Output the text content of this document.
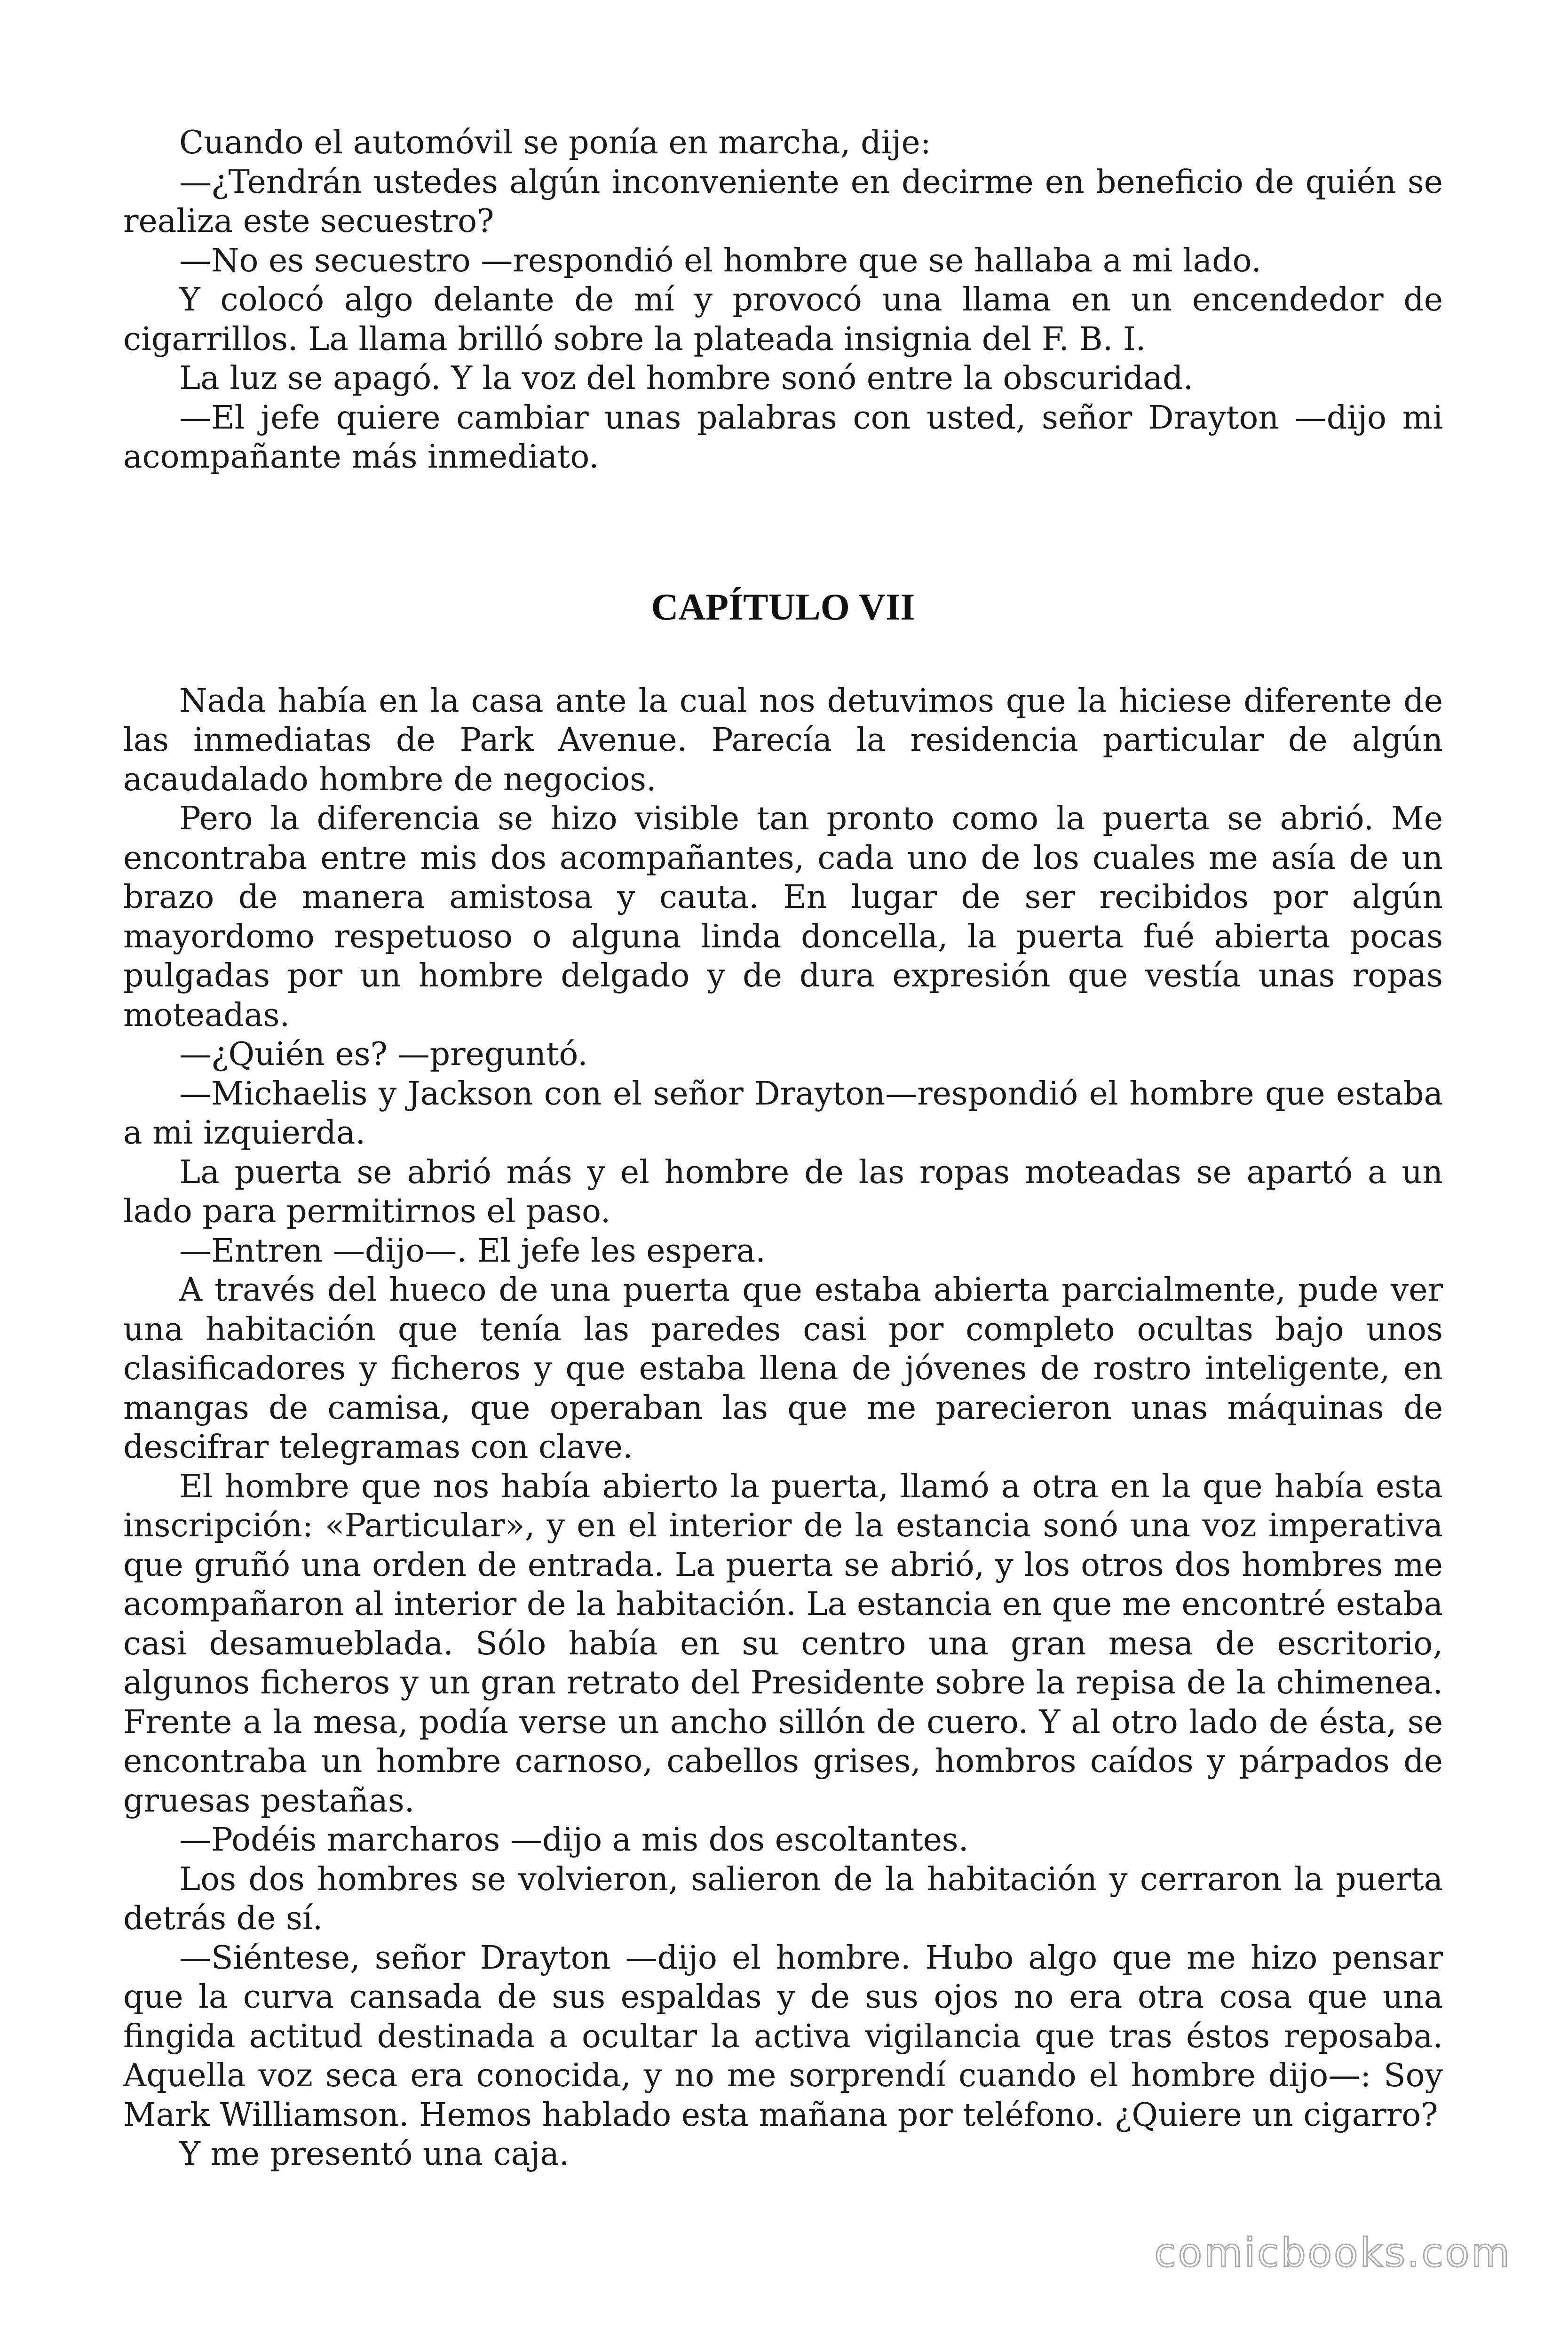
Cuando el automóvil se ponía en marcha, dije:

—¿Tendrán ustedes algún inconveniente en decirme en beneficio de quién se realiza este secuestro?

—No es secuestro —respondió el hombre que se hallaba a mi lado.

Y colocó algo delante de mí y provocó una llama en un encendedor de cigarrillos. La llama brilló sobre la plateada insignia del F. B. I.

La luz se apagó. Y la voz del hombre sonó entre la obscuridad.

—El jefe quiere cambiar unas palabras con usted, señor Drayton —dijo mi acompañante más inmediato.

CAPÍTULO VII

Nada había en la casa ante la cual nos detuvimos que la hiciese diferente de las inmediatas de Park Avenue. Parecía la residencia particular de algún acaudalado hombre de negocios.

Pero la diferencia se hizo visible tan pronto como la puerta se abrió. Me encontraba entre mis dos acompañantes, cada uno de los cuales me asía de un brazo de manera amistosa y cauta. En lugar de ser recibidos por algún mayordomo respetuoso o alguna linda doncella, la puerta fué abierta pocas pulgadas por un hombre delgado y de dura expresión que vestía unas ropas moteadas.

—¿Quién es? —preguntó.

—Michaelis y Jackson con el señor Drayton—respondió el hombre que estaba a mi izquierda.

La puerta se abrió más y el hombre de las ropas moteadas se apartó a un lado para permitirnos el paso.

—Entren —dijo—. El jefe les espera.

A través del hueco de una puerta que estaba abierta parcialmente, pude ver una habitación que tenía las paredes casi por completo ocultas bajo unos clasificadores y ficheros y que estaba llena de jóvenes de rostro inteligente, en mangas de camisa, que operaban las que me parecieron unas máquinas de descifrar telegramas con clave.

El hombre que nos había abierto la puerta, llamó a otra en la que había esta inscripción: «Particular», y en el interior de la estancia sonó una voz imperativa que gruñó una orden de entrada. La puerta se abrió, y los otros dos hombres me acompañaron al interior de la habitación. La estancia en que me encontré estaba casi desamueblada. Sólo había en su centro una gran mesa de escritorio, algunos ficheros y un gran retrato del Presidente sobre la repisa de la chimenea. Frente a la mesa, podía verse un ancho sillón de cuero. Y al otro lado de ésta, se encontraba un hombre carnoso, cabellos grises, hombros caídos y párpados de gruesas pestañas.

—Podéis marcharos —dijo a mis dos escoltantes.

Los dos hombres se volvieron, salieron de la habitación y cerraron la puerta detrás de sí.

—Siéntese, señor Drayton —dijo el hombre. Hubo algo que me hizo pensar que la curva cansada de sus espaldas y de sus ojos no era otra cosa que una fingida actitud destinada a ocultar la activa vigilancia que tras éstos reposaba. Aquella voz seca era conocida, y no me sorprendí cuando el hombre dijo—: Soy Mark Williamson. Hemos hablado esta mañana por teléfono. ¿Quiere un cigarro?

Y me presentó una caja.

comicbooks.com
